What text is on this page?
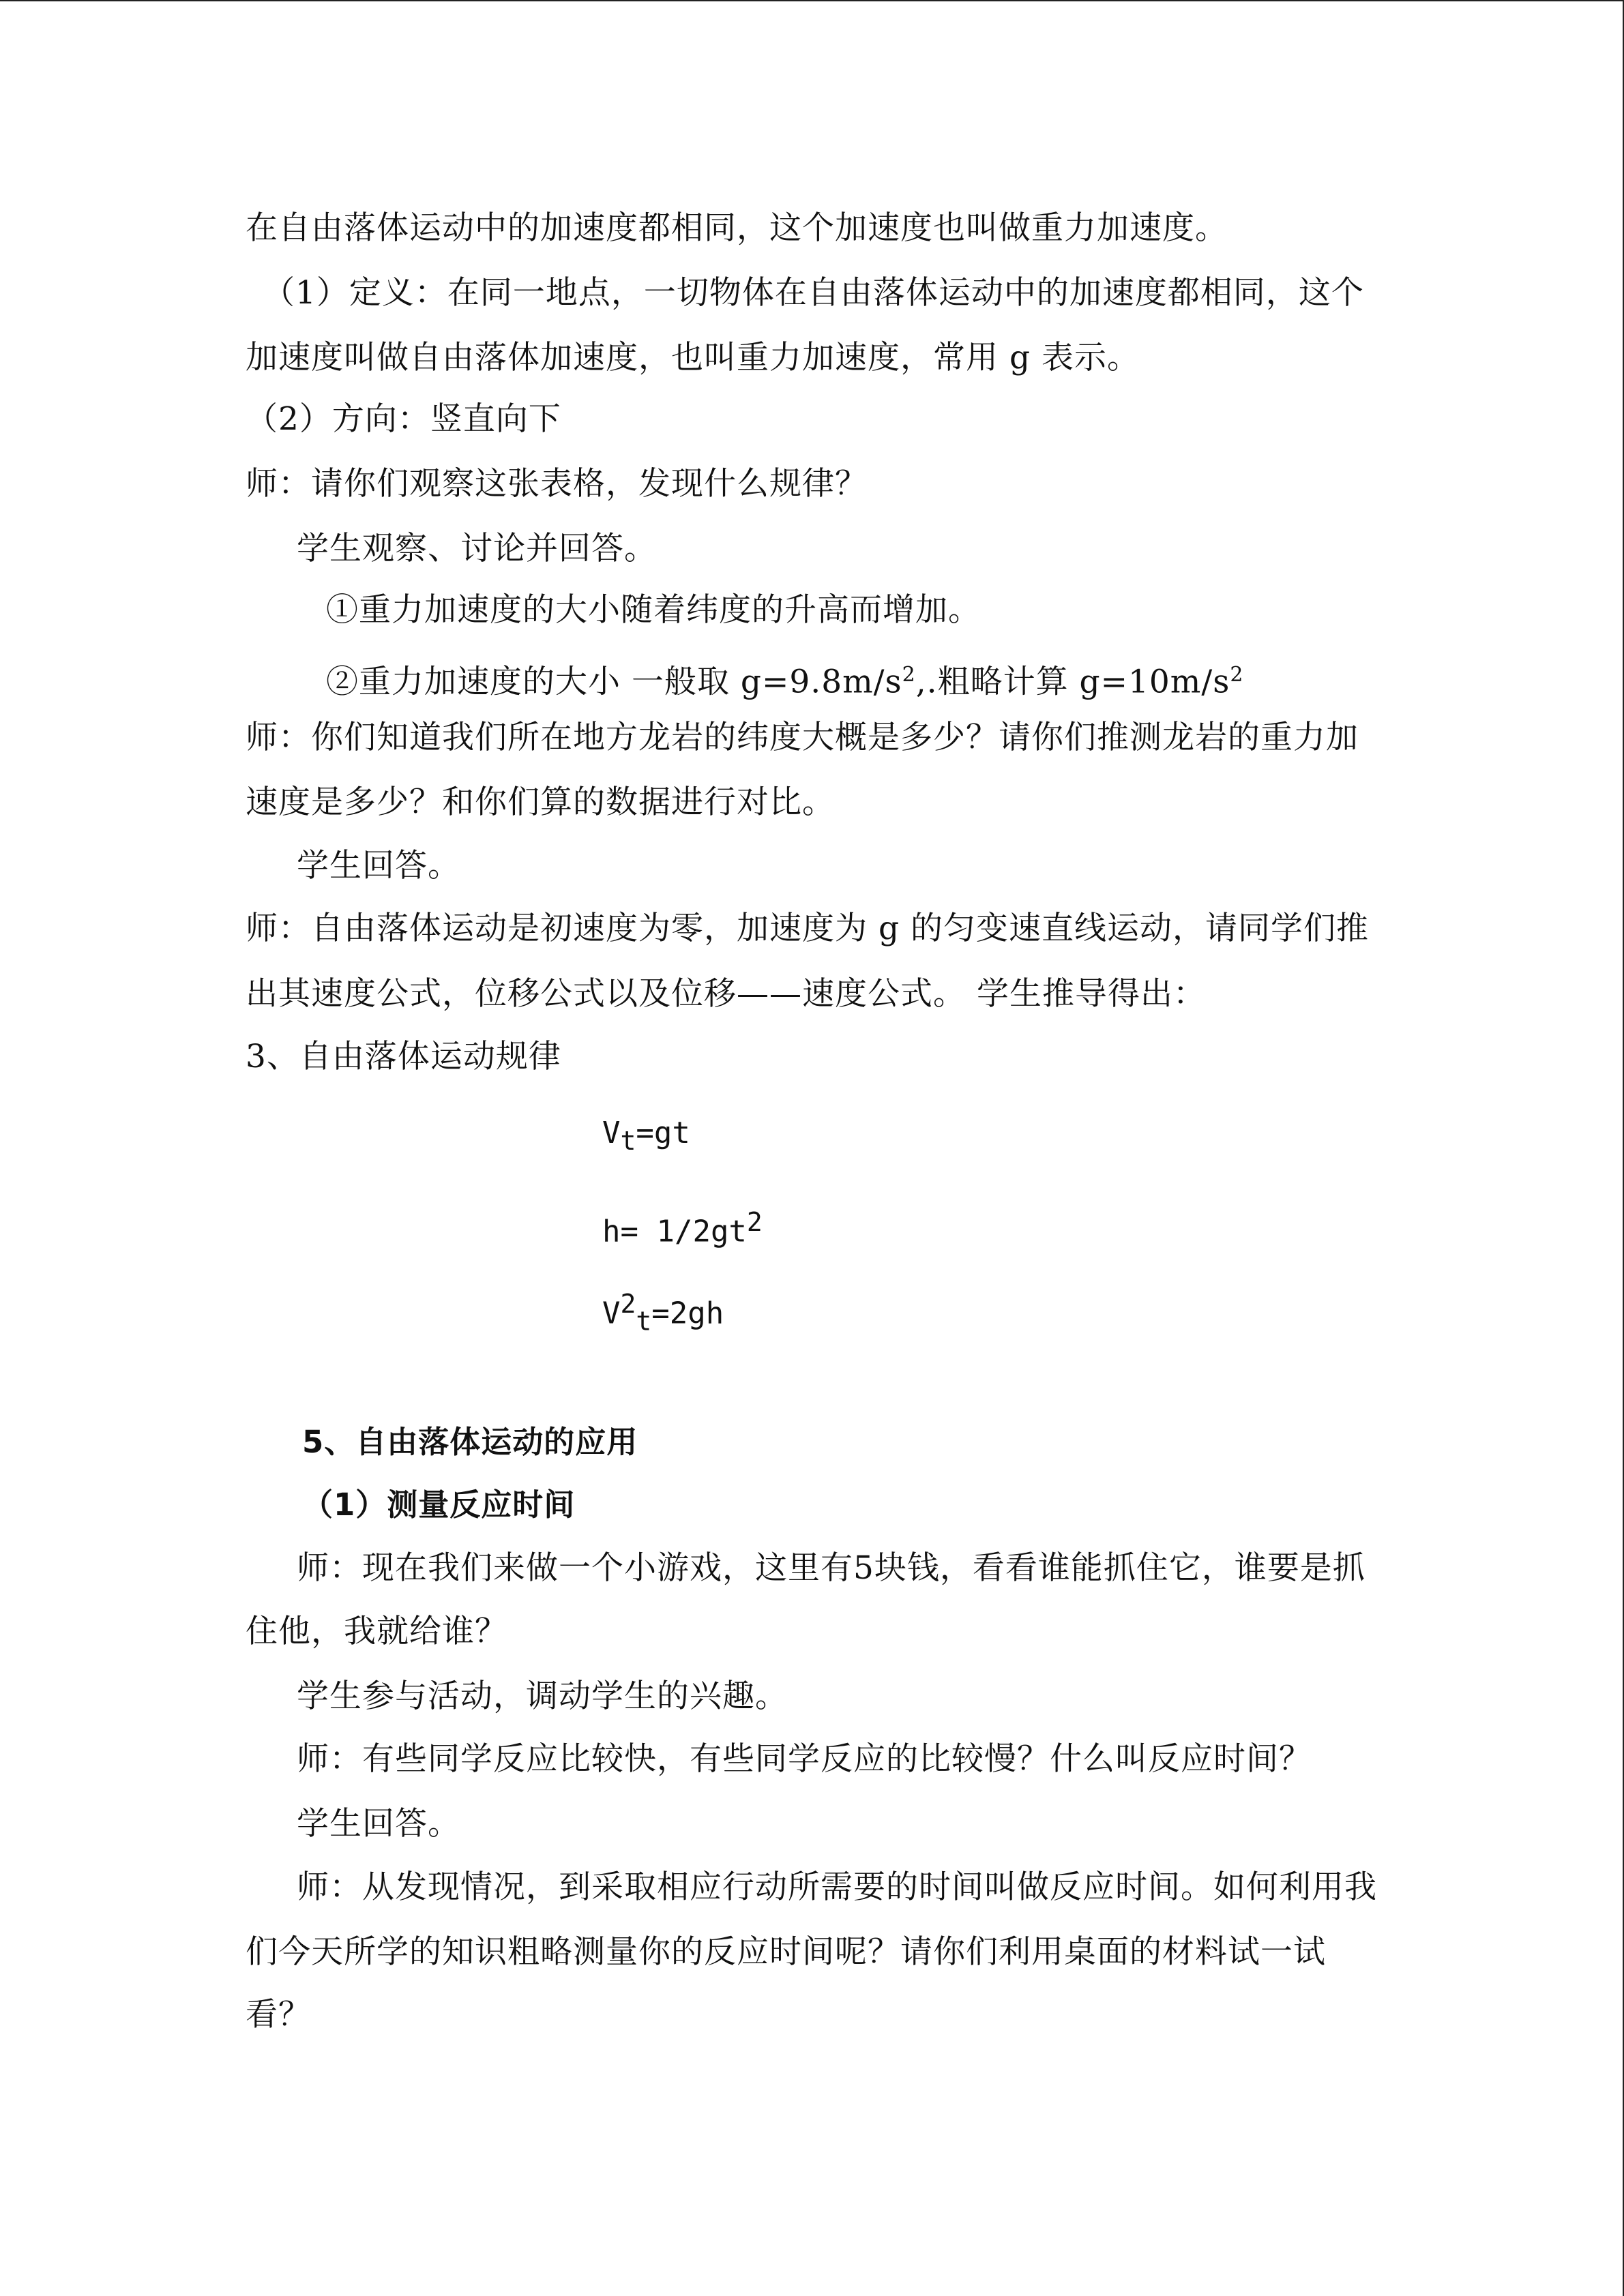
在自由落体运动中的加速度都相同，这个加速度也叫做重力加速度。
（1）定义：在同一地点，一切物体在自由落体运动中的加速度都相同，这个
加速度叫做自由落体加速度，也叫重力加速度，常用 g 表示。
（2）方向：竖直向下
师：请你们观察这张表格，发现什么规律？
学生观察、讨论并回答。
①重力加速度的大小随着纬度的升高而增加。
②重力加速度的大小 一般取 $g=9.8m/s^2$,.粗略计算 $g=10m/s^2$
师：你们知道我们所在地方龙岩的纬度大概是多少？请你们推测龙岩的重力加
速度是多少？和你们算的数据进行对比。
学生回答。
师：自由落体运动是初速度为零，加速度为 g 的匀变速直线运动，请同学们推
出其速度公式，位移公式以及位移——速度公式。 学生推导得出：
3、自由落体运动规律
$V_t=gt$
$h= 1/2gt^2$
$V^2_t=2gh$
5、自由落体运动的应用
（1）测量反应时间
师：现在我们来做一个小游戏，这里有5块钱，看看谁能抓住它，谁要是抓
住他，我就给谁？
学生参与活动，调动学生的兴趣。
师：有些同学反应比较快，有些同学反应的比较慢？什么叫反应时间？
学生回答。
师：从发现情况，到采取相应行动所需要的时间叫做反应时间。如何利用我
们今天所学的知识粗略测量你的反应时间呢？请你们利用桌面的材料试一试
看？
